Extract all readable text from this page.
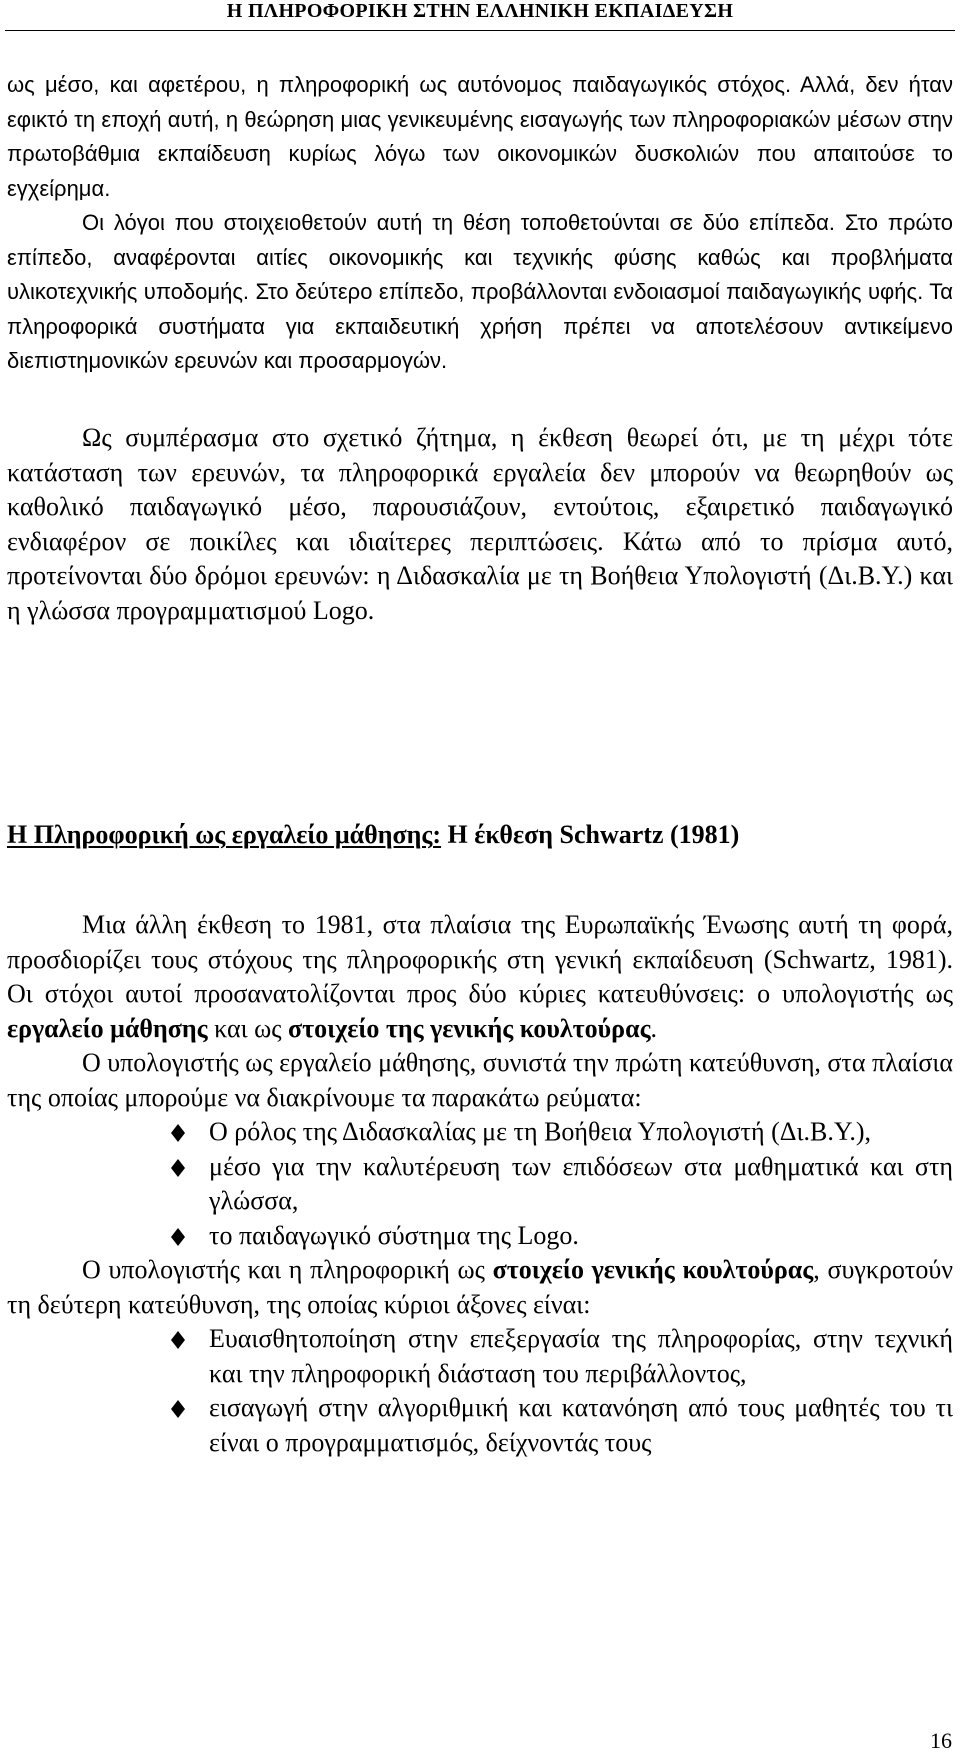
Η ΠΛΗΡΟΦΟΡΙΚΗ ΣΤΗΝ ΕΛΛΗΝΙΚΗ ΕΚΠΑΙΔΕΥΣΗ

ως μέσο, και αφετέρου, η πληροφορική ως αυτόνομος παιδαγωγικός στόχος. Αλλά, δεν ήταν εφικτό τη εποχή αυτή, η θεώρηση μιας γενικευμένης εισαγωγής των πληροφοριακών μέσων στην πρωτοβάθμια εκπαίδευση κυρίως λόγω των οικονομικών δυσκολιών που απαιτούσε το εγχείρημα.

Οι λόγοι που στοιχειοθετούν αυτή τη θέση τοποθετούνται σε δύο επίπεδα. Στο πρώτο επίπεδο, αναφέρονται αιτίες οικονομικής και τεχνικής φύσης καθώς και προβλήματα υλικοτεχνικής υποδομής. Στο δεύτερο επίπεδο, προβάλλονται ενδοιασμοί παιδαγωγικής υφής. Τα πληροφορικά συστήματα για εκπαιδευτική χρήση πρέπει να αποτελέσουν αντικείμενο διεπιστημονικών ερευνών και προσαρμογών.

Ως συμπέρασμα στο σχετικό ζήτημα, η έκθεση θεωρεί ότι, με τη μέχρι τότε κατάσταση των ερευνών, τα πληροφορικά εργαλεία δεν μπορούν να θεωρηθούν ως καθολικό παιδαγωγικό μέσο, παρουσιάζουν, εντούτοις, εξαιρετικό παιδαγωγικό ενδιαφέρον σε ποικίλες και ιδιαίτερες περιπτώσεις. Κάτω από το πρίσμα αυτό, προτείνονται δύο δρόμοι ερευνών: η Διδασκαλία με τη Βοήθεια Υπολογιστή (Δι.Β.Υ.) και η γλώσσα προγραμματισμού Logo.

Η Πληροφορική ως εργαλείο μάθησης: Η έκθεση Schwartz (1981)

Μια άλλη έκθεση το 1981, στα πλαίσια της Ευρωπαϊκής Ένωσης αυτή τη φορά, προσδιορίζει τους στόχους της πληροφορικής στη γενική εκπαίδευση (Schwartz, 1981). Οι στόχοι αυτοί προσανατολίζονται προς δύο κύριες κατευθύνσεις: ο υπολογιστής ως εργαλείο μάθησης και ως στοιχείο της γενικής κουλτούρας.

Ο υπολογιστής ως εργαλείο μάθησης, συνιστά την πρώτη κατεύθυνση, στα πλαίσια της οποίας μπορούμε να διακρίνουμε τα παρακάτω ρεύματα:

Ο ρόλος της Διδασκαλίας με τη Βοήθεια Υπολογιστή (Δι.Β.Υ.),
μέσο για την καλυτέρευση των επιδόσεων στα μαθηματικά και στη γλώσσα,
το παιδαγωγικό σύστημα της Logo.

Ο υπολογιστής και η πληροφορική ως στοιχείο γενικής κουλτούρας, συγκροτούν τη δεύτερη κατεύθυνση, της οποίας κύριοι άξονες είναι:

Ευαισθητοποίηση στην επεξεργασία της πληροφορίας, στην τεχνική και την πληροφορική διάσταση του περιβάλλοντος,
εισαγωγή στην αλγοριθμική και κατανόηση από τους μαθητές του τι είναι ο προγραμματισμός, δείχνοντάς τους
16
